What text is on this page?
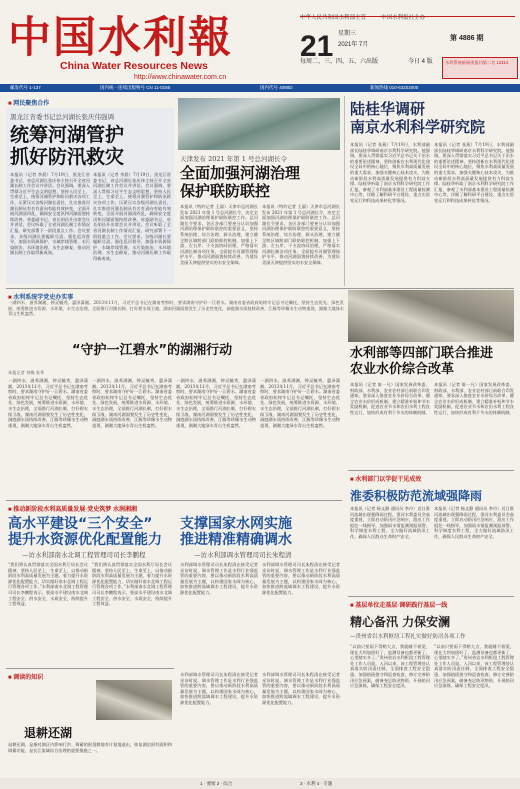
中国水利報
China Water Resources News
http://www.chinawater.com.cn
中华人民共和国水利部主管	中国水利报社主办
21 星期三
2021年 7月
第 4886 期
每周二、三、四、五、六出版	今日 4 版	水利系统新闻类报刊第二名 12314
邮发代号 1-137	国内统一连续出版物号 CN 11-0156	国内代号 4090D	新闻热线 010-63202000
■ 网民聚焦合作
黑龙江省委书记总河湖长张庆伟强调
统筹河湖管护
抓好防汛救灾
本报讯（记者 李晨）7月19日，黑龙江省委书记、省总河湖长张庆伟主持召开全省河湖长制工作会议并讲话。会议强调，要深入贯彻习近平生态文明思想，坚持人民至上、生命至上，统筹河湖管护和防汛救灾各项工作，压紧压实各级河湖长责任，扎实推进河湖长制从有名有责向有能有效转变，全面开展河湖清四乱，确保安全度汛和河湖面貌持续改善。省委副书记、省长胡昌升出席会议并讲话。会议听取了全省河湖长制工作情况汇报，研究部署下一阶段重点工作。会议要求，各级河湖长要履职尽责，强化巡河督导，加强水资源保护、水域岸线管理、水污染防治、水环境治理、水生态修复，推动河湖长制工作取得新成效。
本报讯（记者 李晨）7月19日，黑龙江省委书记、省总河湖长张庆伟主持召开全省河湖长制工作会议并讲话。会议强调，要深入贯彻习近平生态文明思想，坚持人民至上、生命至上，统筹河湖管护和防汛救灾各项工作，压紧压实各级河湖长责任，扎实推进河湖长制从有名有责向有能有效转变，全面开展河湖清四乱，确保安全度汛和河湖面貌持续改善。省委副书记、省长胡昌升出席会议并讲话。会议听取了全省河湖长制工作情况汇报，研究部署下一阶段重点工作。会议要求，各级河湖长要履职尽责，强化巡河督导，加强水资源保护、水域岸线管理、水污染防治、水环境治理、水生态修复，推动河湖长制工作取得新成效。
天津发布 2021 年第 1 号总河湖长令
全面加强河湖治理
保护联防联控
本报讯（特约记者 王淑）天津市总河湖长发布 2021 年第 1 号总河湖长令，决定全面加强河湖治理保护联防联控工作。总河湖长令要求，各区各部门要充分认识加强河湖治理保护联防联控的重要意义，坚持系统治理、综合治理、源头治理，建立健全跨区域跨部门联防联控机制，加强上下游、左右岸、干支流协同治理，严格落实河湖长制各项任务，全面提升河湖管理保护水平，推动河湖面貌持续改善，为建设美丽天津提供坚实的水安全保障。
本报讯（特约记者 王淑）天津市总河湖长发布 2021 年第 1 号总河湖长令，决定全面加强河湖治理保护联防联控工作。总河湖长令要求，各区各部门要充分认识加强河湖治理保护联防联控的重要意义，坚持系统治理、综合治理、源头治理，建立健全跨区域跨部门联防联控机制，加强上下游、左右岸、干支流协同治理，严格落实河湖长制各项任务，全面提升河湖管理保护水平，推动河湖面貌持续改善，为建设美丽天津提供坚实的水安全保障。
陆桂华调研
南京水利科学研究院
本报讯（记者 张燕）7月19日，水利部副部长陆桂华调研南京水利科学研究院。他强调，要深入贯彻落实习近平总书记关于治水的重要论述精神，坚持创新在水利现代化建设全局中的核心地位，聚焦水利高质量发展的重大需求，加强关键核心技术攻关，为推动新阶段水利高质量发展提供有力科技支撑。陆桂华听取了南京水利科学研究院工作汇报，参观了水利部基本建设工程质量检测中心等，详细了解科研平台建设、重点实验室运行和科技成果转化等情况。
本报讯（记者 张燕）7月19日，水利部副部长陆桂华调研南京水利科学研究院。他强调，要深入贯彻落实习近平总书记关于治水的重要论述精神，坚持创新在水利现代化建设全局中的核心地位，聚焦水利高质量发展的重大需求，加强关键核心技术攻关，为推动新阶段水利高质量发展提供有力科技支撑。陆桂华听取了南京水利科学研究院工作汇报，参观了水利部基本建设工程质量检测中心等，详细了解科研平台建设、重点实验室运行和科技成果转化等情况。
■ 水利系统学党史办实事
一湖四水，滋养湖湘，钟灵毓秀，惠泽潇湘。2013年11月，习近平总书记在湖南考察时，要求湖南守护好一江碧水。湖南省委省政府始终牢记总书记嘱托，坚持生态优先、绿色发展，统筹推进水资源、水环境、水生态治理，全面推行河湖长制，打好碧水保卫战，湖南河湖面貌发生了历史性变化，洞庭湖水质持续改善，江豚等珍稀水生动物重现，湖湘大地绿水青山生机盎然。
“守护一江碧水”的湖湘行动
本报记者 刘梅 张华
一湖四水，滋养湖湘，钟灵毓秀，惠泽潇湘。2013年11月，习近平总书记在湖南考察时，要求湖南守护好一江碧水。湖南省委省政府始终牢记总书记嘱托，坚持生态优先、绿色发展，统筹推进水资源、水环境、水生态治理，全面推行河湖长制，打好碧水保卫战，湖南河湖面貌发生了历史性变化，洞庭湖水质持续改善，江豚等珍稀水生动物重现，湖湘大地绿水青山生机盎然。
一湖四水，滋养湖湘，钟灵毓秀，惠泽潇湘。2013年11月，习近平总书记在湖南考察时，要求湖南守护好一江碧水。湖南省委省政府始终牢记总书记嘱托，坚持生态优先、绿色发展，统筹推进水资源、水环境、水生态治理，全面推行河湖长制，打好碧水保卫战，湖南河湖面貌发生了历史性变化，洞庭湖水质持续改善，江豚等珍稀水生动物重现，湖湘大地绿水青山生机盎然。
一湖四水，滋养湖湘，钟灵毓秀，惠泽潇湘。2013年11月，习近平总书记在湖南考察时，要求湖南守护好一江碧水。湖南省委省政府始终牢记总书记嘱托，坚持生态优先、绿色发展，统筹推进水资源、水环境、水生态治理，全面推行河湖长制，打好碧水保卫战，湖南河湖面貌发生了历史性变化，洞庭湖水质持续改善，江豚等珍稀水生动物重现，湖湘大地绿水青山生机盎然。
一湖四水，滋养湖湘，钟灵毓秀，惠泽潇湘。2013年11月，习近平总书记在湖南考察时，要求湖南守护好一江碧水。湖南省委省政府始终牢记总书记嘱托，坚持生态优先、绿色发展，统筹推进水资源、水环境、水生态治理，全面推行河湖长制，打好碧水保卫战，湖南河湖面貌发生了历史性变化，洞庭湖水质持续改善，江豚等珍稀水生动物重现，湖湘大地绿水青山生机盎然。
水利部等四部门联合推进
农业水价综合改革
本报讯（记者 陈一凡）国家发展改革委、财政部、水利部、农业农村部日前联合印发通知，要求深入推进农业水价综合改革，健全农业水价形成机制，建立精准补贴和节水奖励机制，促进农业节水和农田水利工程良性运行，加快形成有利于节水的体制机制。
本报讯（记者 陈一凡）国家发展改革委、财政部、水利部、农业农村部日前联合印发通知，要求深入推进农业水价综合改革，健全农业水价形成机制，建立精准补贴和节水奖励机制，促进农业节水和农田水利工程良性运行，加快形成有利于节水的体制机制。
■ 推动新阶段水利高质量发展·党史筑梦 水润湘湘
高水平建设“三个安全”
提升水资源优化配置能力
—访水利部南水北调工程管理司司长李鹏程
“我们将认真贯彻落实全国水利厅局长会议精神，坚持人民至上、生命至上，以推动新阶段水利高质量发展为主题，着力提升水资源优化配置能力，切实做好南水北调工程运行管理各项工作。”水利部南水北调工程管理司司长李鹏程表示，要高水平建设南水北调工程安全、供水安全、水质安全，持续提升工程效益。
“我们将认真贯彻落实全国水利厅局长会议精神，坚持人民至上、生命至上，以推动新阶段水利高质量发展为主题，着力提升水资源优化配置能力，切实做好南水北调工程运行管理各项工作。”水利部南水北调工程管理司司长李鹏程表示，要高水平建设南水北调工程安全、供水安全、水质安全，持续提升工程效益。
支撑国家水网实施
推进精准精确调水
—访水利部调水管理司司长朱程清
水利部调水管理司司长朱程清在接受记者采访时说，调水管理工作是水利行业强监管的重要内容，要以推动新阶段水利高质量发展为主题，以构建国家水网为核心，加快推进跨流域调水工程建设，提升水资源优化配置能力。
水利部调水管理司司长朱程清在接受记者采访时说，调水管理工作是水利行业强监管的重要内容，要以推动新阶段水利高质量发展为主题，以构建国家水网为核心，加快推进跨流域调水工程建设，提升水资源优化配置能力。
■ 水利部门以学促干见成效
淮委积极防范流域强降雨
本报讯（记者 杨文静 通讯员 李丹）近日淮河流域出现强降雨过程，淮河水利委员会高度重视，立即启动防汛应急响应，派出工作组赴一线指导，加强雨水情监测预报预警，科学调度水利工程，全力做好流域防汛工作，确保人民群众生命财产安全。
本报讯（记者 杨文静 通讯员 李丹）近日淮河流域出现强降雨过程，淮河水利委员会高度重视，立即启动防汛应急响应，派出工作组赴一线指导，加强雨水情监测预报预警，科学调度水利工程，全力做好流域防汛工作，确保人民群众生命财产安全。
■ 调读的知识
退耕还湖
退耕还湖，是指对湖区内影响行洪、调蓄的围垦耕地有计划地退出，恢复湖泊原有面积和调蓄功能，是长江流域综合治理的重要措施之一。
水利部调水管理司司长朱程清在接受记者采访时说，调水管理工作是水利行业强监管的重要内容，要以推动新阶段水利高质量发展为主题，以构建国家水网为核心，加快推进跨流域调水工程建设，提升水资源优化配置能力。
水利部调水管理司司长朱程清在接受记者采访时说，调水管理工作是水利行业强监管的重要内容，要以推动新阶段水利高质量发展为主题，以构建国家水网为核心，加快推进跨流域调水工程建设，提升水资源优化配置能力。
■ 基层单位走基层·调研践行基层一线
精心备汛 力保安澜
—贵州省岩水利枢纽工程扎实做好防汛各项工作
“以前只要雨下得稍大点，我就睡不着觉，现在大坝加固好了，监测设备也都更新了，心里踏实多了。”贵州省岩水利枢纽工程管理处工作人员说。入汛以来，该工程管理处认真落实防汛责任制，全面排查工程安全隐患，加强值班值守和巡查检查，修订完善防汛应急预案，储备充足防汛物资，开展防汛应急演练，确保工程安全度汛。
“以前只要雨下得稍大点，我就睡不着觉，现在大坝加固好了，监测设备也都更新了，心里踏实多了。”贵州省岩水利枢纽工程管理处工作人员说。入汛以来，该工程管理处认真落实防汛责任制，全面排查工程安全隐患，加强值班值守和巡查检查，修订完善防汛应急预案，储备充足防汛物资，开展防汛应急演练，确保工程安全度汛。
1 · 要闻 2 · 综合	3 · 水利 4 · 专题
